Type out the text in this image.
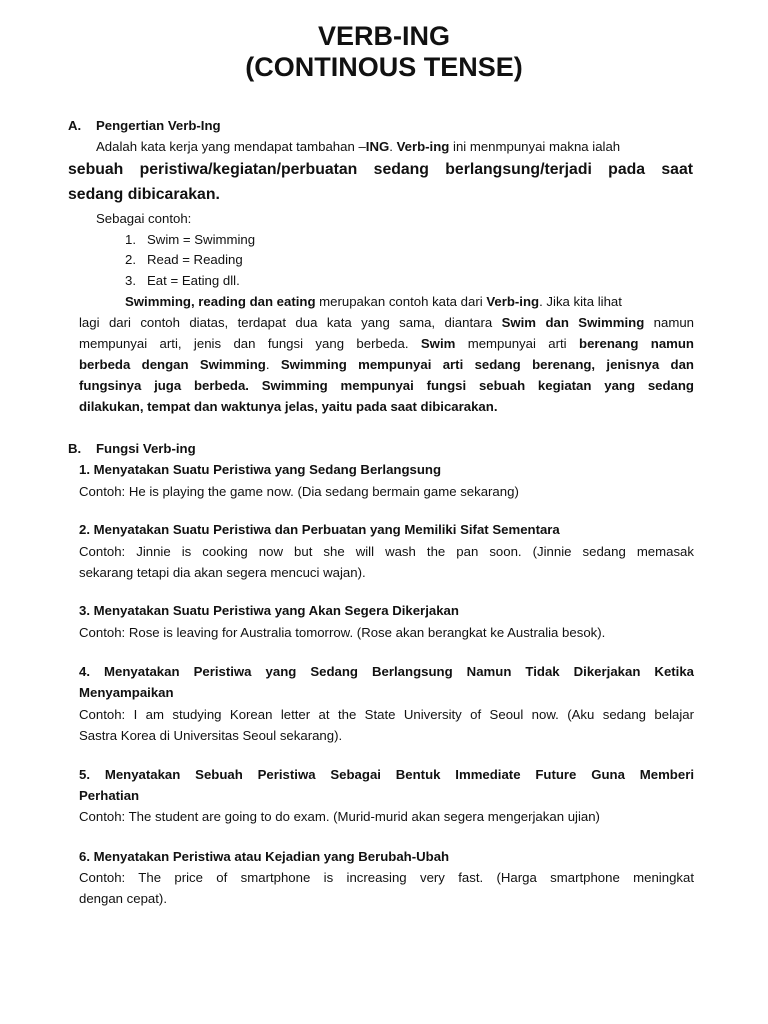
VERB-ING
(CONTINOUS TENSE)
A. Pengertian Verb-Ing
Adalah kata kerja yang mendapat tambahan –ING. Verb-ing ini menmpunyai makna ialah
sebuah peristiwa/kegiatan/perbuatan sedang berlangsung/terjadi pada saat
sedang dibicarakan.
Sebagai contoh:
1. Swim = Swimming
2. Read = Reading
3. Eat = Eating dll.
Swimming, reading dan eating merupakan contoh kata dari Verb-ing. Jika kita lihat
lagi dari contoh diatas, terdapat dua kata yang sama, diantara Swim dan Swimming namun
mempunyai arti, jenis dan fungsi yang berbeda. Swim mempunyai arti berenang namun
berbeda dengan Swimming. Swimming mempunyai arti sedang berenang, jenisnya dan
fungsinya juga berbeda. Swimming mempunyai fungsi sebuah kegiatan yang sedang
dilakukan, tempat dan waktunya jelas, yaitu pada saat dibicarakan.
B. Fungsi Verb-ing
1. Menyatakan Suatu Peristiwa yang Sedang Berlangsung
Contoh: He is playing the game now. (Dia sedang bermain game sekarang)
2. Menyatakan Suatu Peristiwa dan Perbuatan yang Memiliki Sifat Sementara
Contoh: Jinnie is cooking now but she will wash the pan soon. (Jinnie sedang memasak
sekarang tetapi dia akan segera mencuci wajan).
3. Menyatakan Suatu Peristiwa yang Akan Segera Dikerjakan
Contoh: Rose is leaving for Australia tomorrow. (Rose akan berangkat ke Australia besok).
4. Menyatakan Peristiwa yang Sedang Berlangsung Namun Tidak Dikerjakan Ketika
Menyampaikan
Contoh: I am studying Korean letter at the State University of Seoul now. (Aku sedang belajar
Sastra Korea di Universitas Seoul sekarang).
5. Menyatakan Sebuah Peristiwa Sebagai Bentuk Immediate Future Guna Memberi
Perhatian
Contoh: The student are going to do exam. (Murid-murid akan segera mengerjakan ujian)
6. Menyatakan Peristiwa atau Kejadian yang Berubah-Ubah
Contoh: The price of smartphone is increasing very fast. (Harga smartphone meningkat
dengan cepat).
